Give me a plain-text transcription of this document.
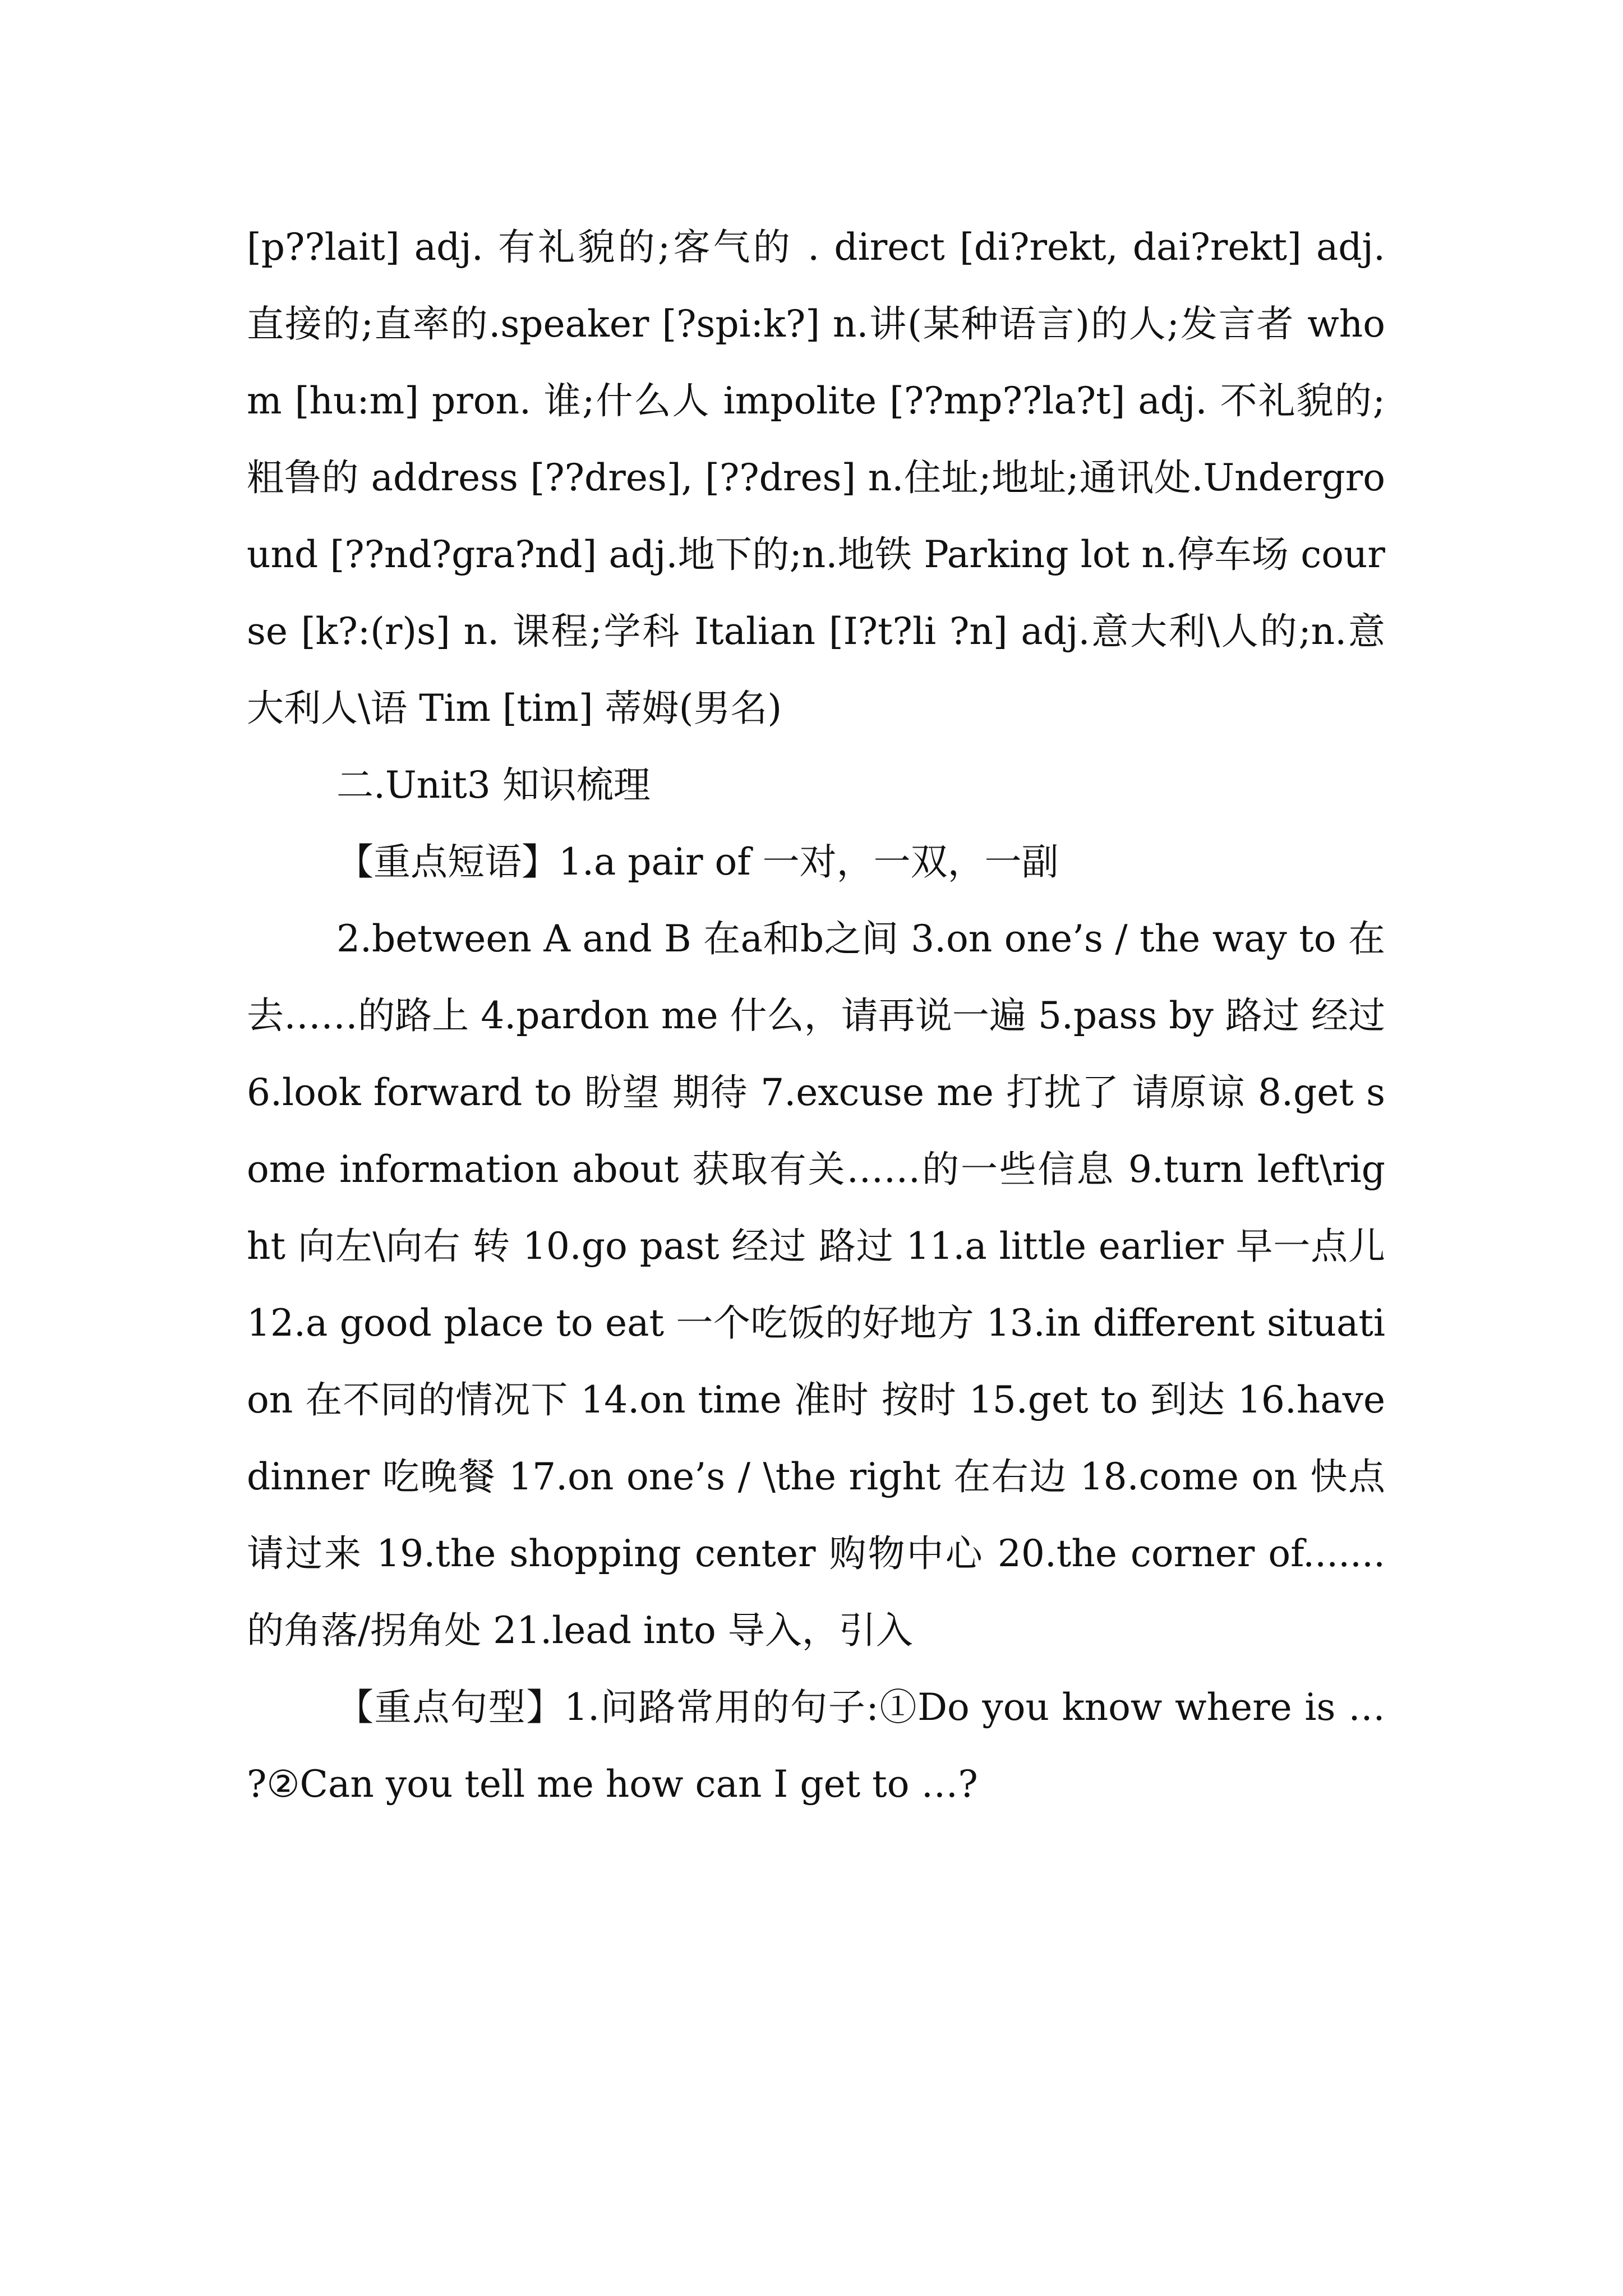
[p??lait] adj. 有礼貌的;客气的 . direct [di?rekt, dai?rekt] adj. 直接的;直率的.speaker [?spi:k?] n.讲(某种语言)的人;发言者 whom [hu:m] pron. 谁;什么人 impolite [??mp??la?t] adj. 不礼貌的;粗鲁的 address [??dres], [??dres] n.住址;地址;通讯处.Underground [??nd?gra?nd] adj.地下的;n.地铁 Parking lot n.停车场 course [k?:(r)s] n. 课程;学科 Italian [I?t?li ?n] adj.意大利\人的;n.意大利人\语 Tim [tim] 蒂姆(男名)

二.Unit3 知识梳理

【重点短语】1.a pair of 一对，一双，一副

2.between A and B 在a和b之间 3.on one’s / the way to 在去……的路上 4.pardon me 什么，请再说一遍 5.pass by 路过 经过 6.look forward to 盼望 期待 7.excuse me 打扰了 请原谅 8.get some information about 获取有关……的一些信息 9.turn left\right 向左\向右 转 10.go past 经过 路过 11.a little earlier 早一点儿 12.a good place to eat 一个吃饭的好地方 13.in different situation 在不同的情况下 14.on time 准时 按时 15.get to 到达 16.have dinner 吃晚餐 17.on one’s / \the right 在右边 18.come on 快点 请过来 19.the shopping center 购物中心 20.the corner of....... 的角落/拐角处 21.lead into 导入，引入

【重点句型】1.问路常用的句子:①Do you know where is … ?②Can you tell me how can I get to …?
